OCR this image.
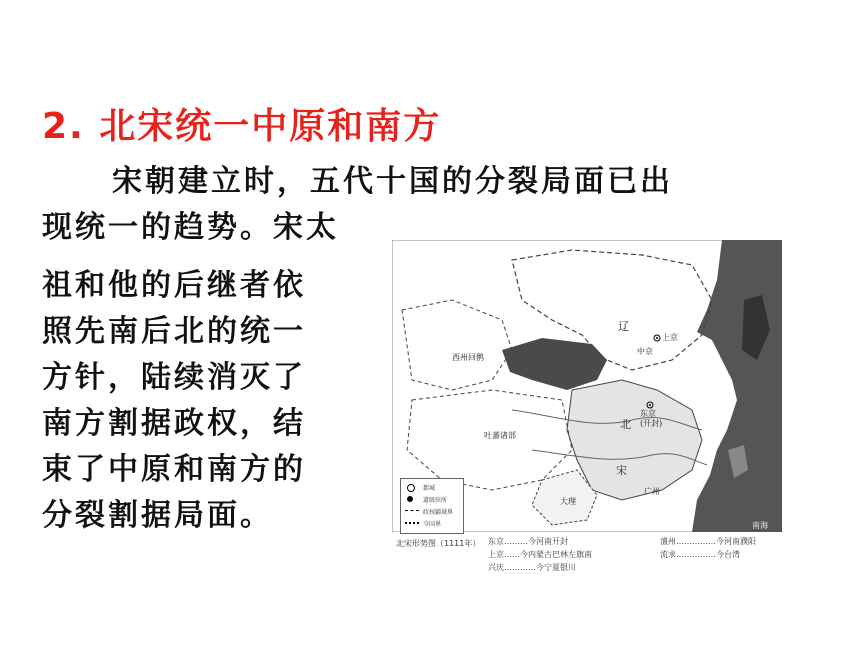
2. 北宋统一中原和南方
宋朝建立时，五代十国的分裂局面已出
现统一的趋势。宋太
祖和他的后继者依
照先南后北的统一
方针，陆续消灭了
南方割据政权，结
束了中原和南方的
分裂割据局面。
辽
上京
中京
西州回鹘
东京
(开封)
北
吐蕃诸部
宋
大理
广州
南海
都城
道级驻所
政权疆域界
今国界
北宋形势图（1111年） 东京………今河南开封
上京……今内蒙古巴林左旗南
兴庆…………今宁夏银川
澶州……………今河南濮阳
流求……………今台湾
